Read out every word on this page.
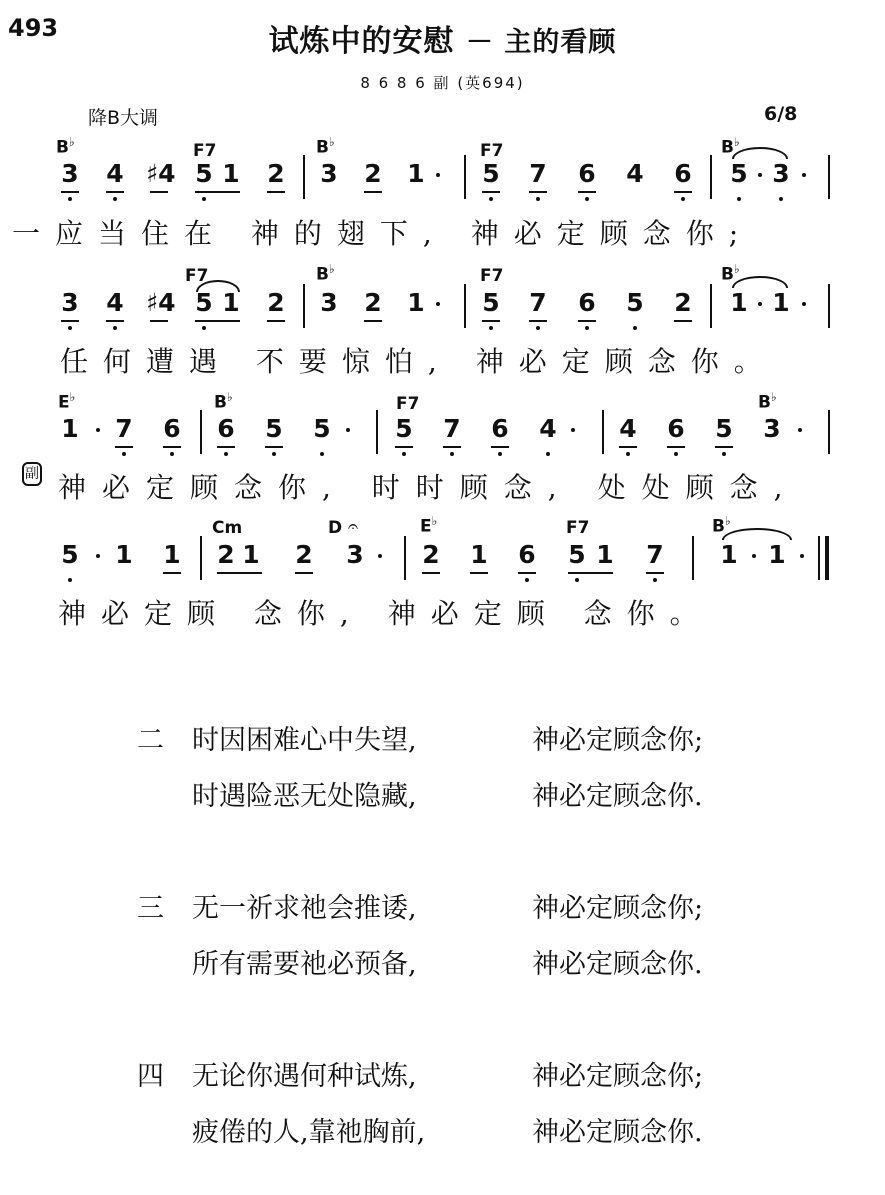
493	试炼中的安慰 － 主的看顾
8 6 8 6 副 (英694)
降B大调	6/8
B♭	F7	B♭	F7	B♭
3 4 ♯4 5 1 2 3 2 1 5 7 6 4 6 5 3
一应当住在 神的翅下, 神必定顾念你;
F7	B♭	F7	B♭
3 4 ♯4 5 1 2 3 2 1 5 7 6 5 2 1 1
任何遭遇 不要惊怕, 神必定顾念你。
E♭	B♭	F7	B♭
1 7 6 6 5 5	5 7 6 4	4 6 5 3
副 神必定顾念你, 时时顾念, 处处顾念,
Cm	D 𝄐	E♭	F7	B♭
5 1 1 2 1 2 3 2 1 6 5 1 7 1 1
神必定顾 念你, 神必定顾 念你。
二 时因困难心中失望,	神必定顾念你;
时遇险恶无处隐藏,	神必定顾念你.
三 无一祈求祂会推诿,	神必定顾念你;
所有需要祂必预备,	神必定顾念你.
四 无论你遇何种试炼,	神必定顾念你;
疲倦的人,靠祂胸前,	神必定顾念你.
